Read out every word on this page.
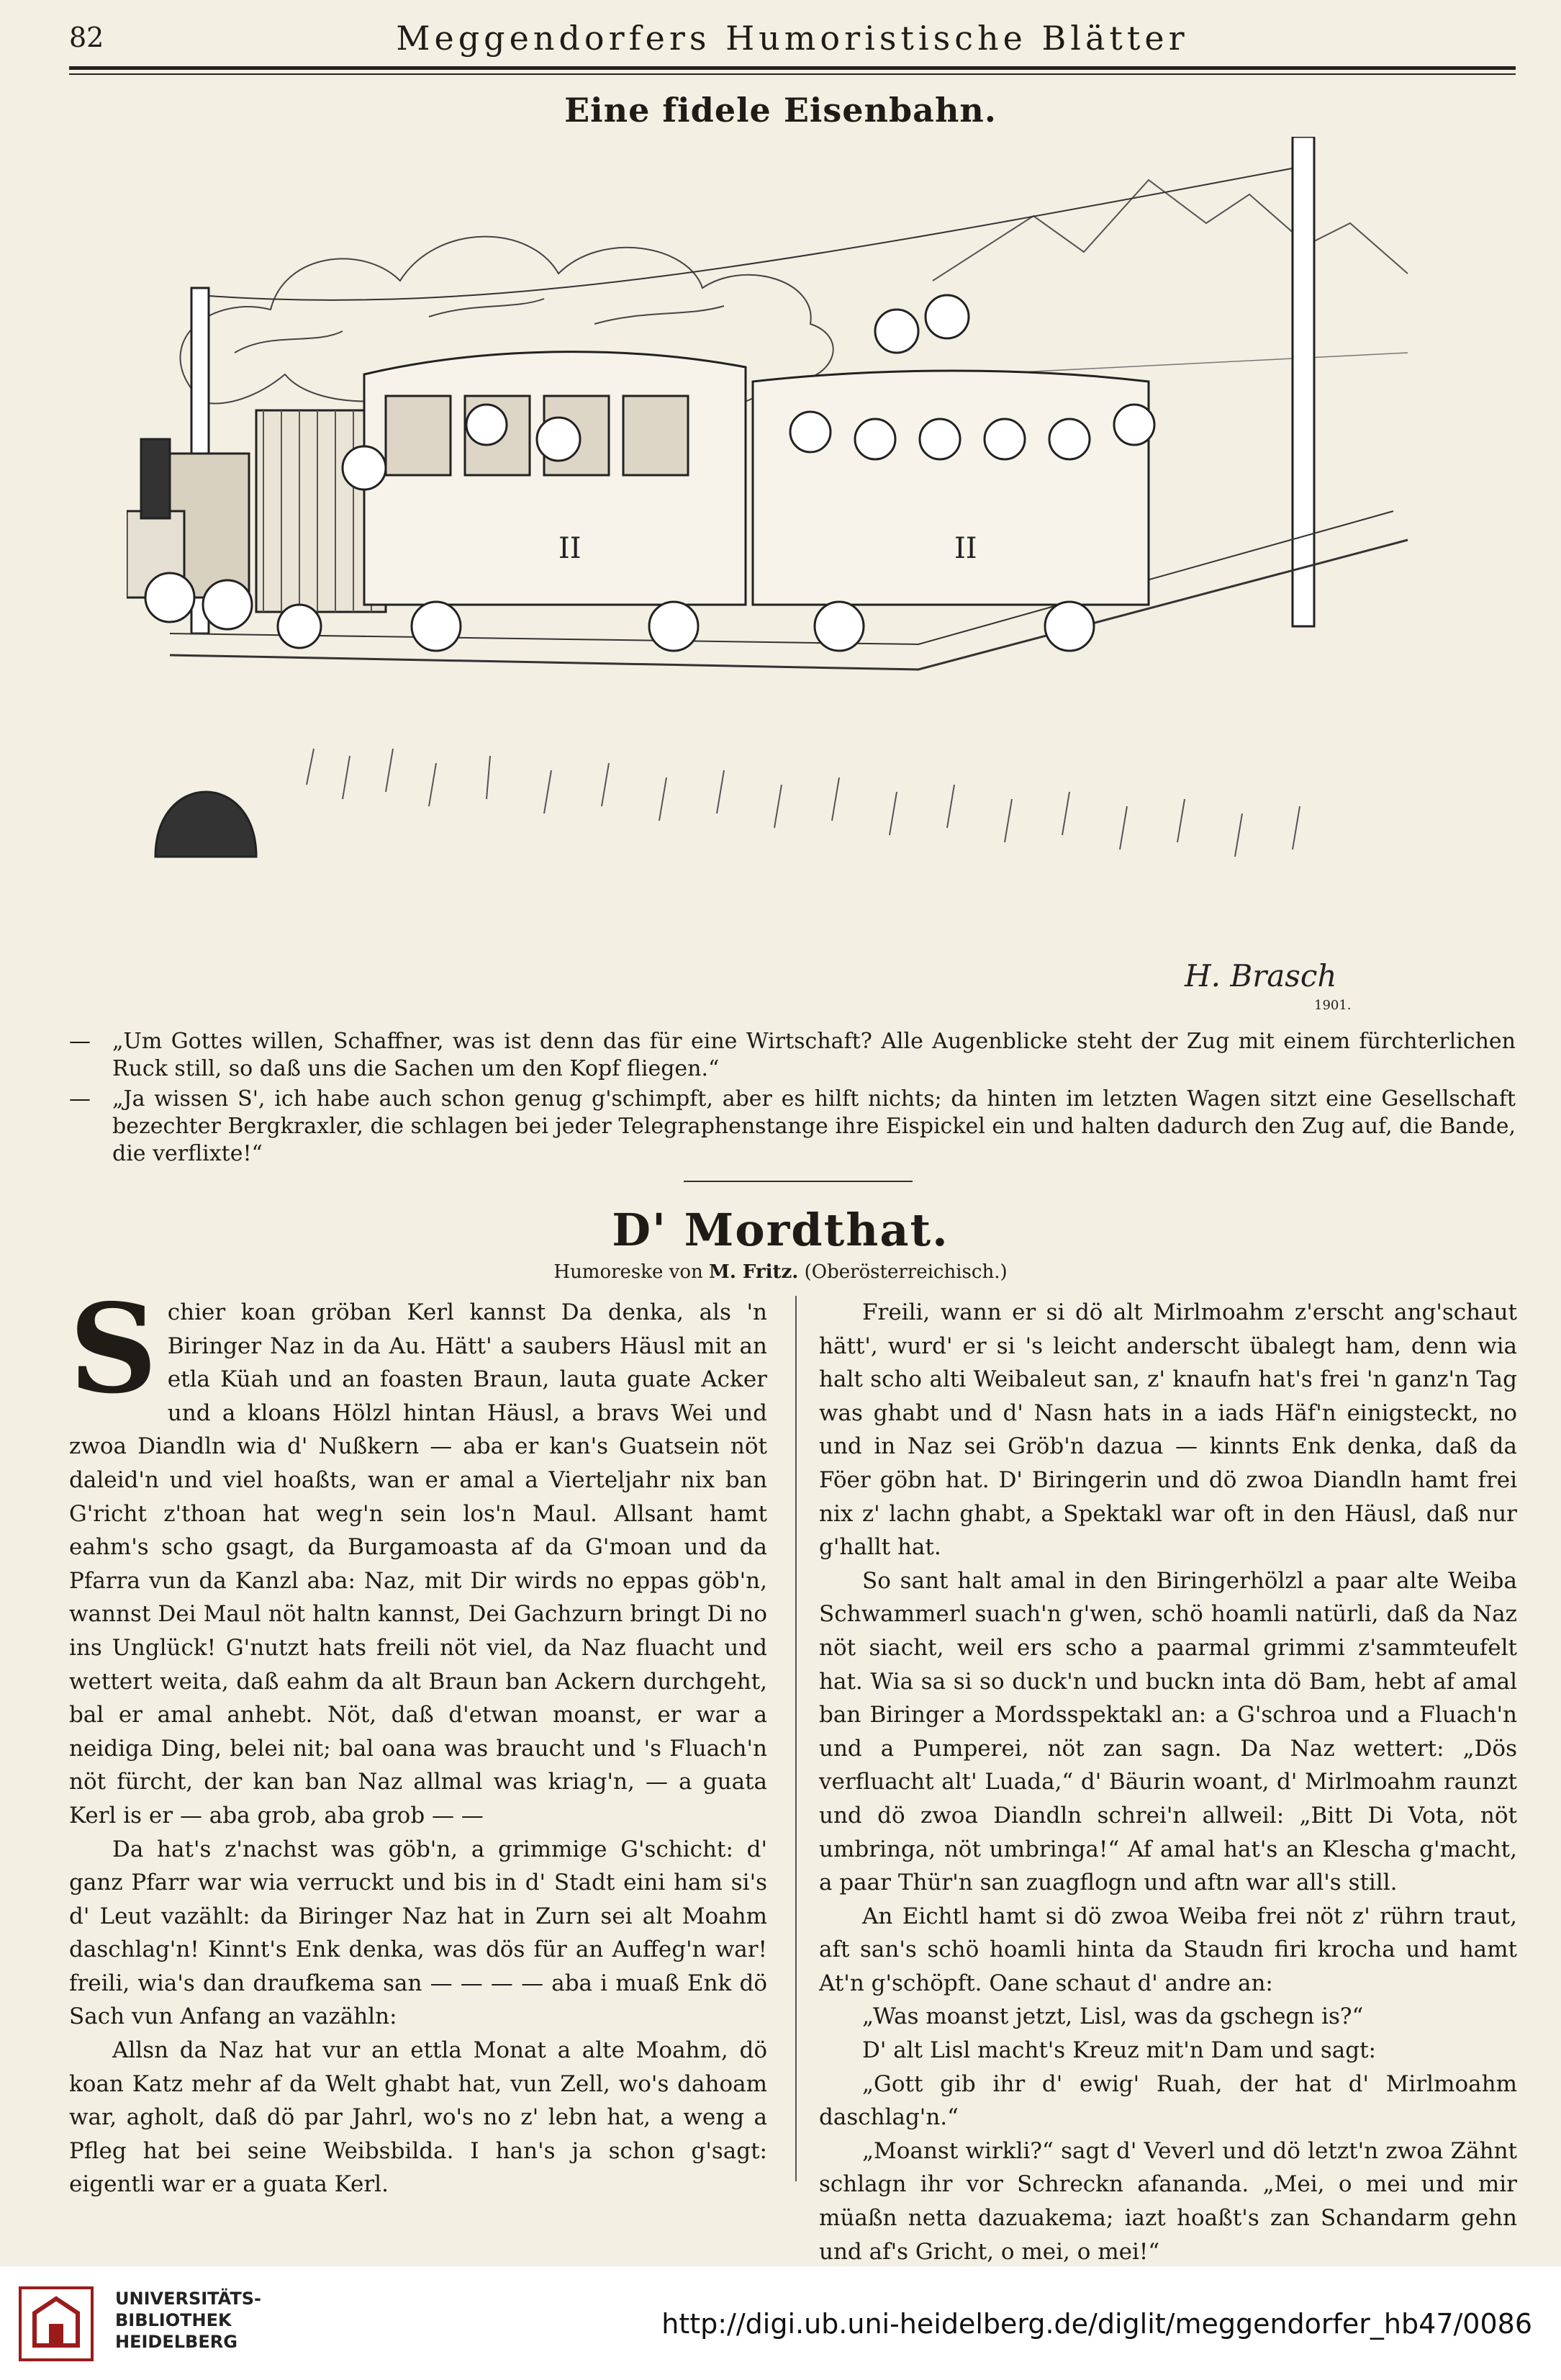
82	Meggendorfers Humoristische Blätter
Eine fidele Eisenbahn.
II	II
H. Brasch
1901.
—	„Um Gottes willen, Schaffner, was ist denn das für eine Wirtschaft? Alle Augenblicke steht der Zug mit einem fürchterlichen Ruck still, so daß uns die Sachen um den Kopf fliegen.“
—	„Ja wissen S', ich habe auch schon genug g'schimpft, aber es hilft nichts; da hinten im letzten Wagen sitzt eine Gesellschaft bezechter Bergkraxler, die schlagen bei jeder Telegraphenstange ihre Eispickel ein und halten dadurch den Zug auf, die Bande, die verflixte!“
D' Mordthat.
Humoreske von M. Fritz. (Oberösterreichisch.)

Schier koan gröban Kerl kannst Da denka, als 'n Biringer Naz in da Au. Hätt' a saubers Häusl mit an etla Küah und an foasten Braun, lauta guate Acker und a kloans Hölzl hintan Häusl, a bravs Wei und zwoa Diandln wia d' Nußkern — aba er kan's Guatsein nöt daleid'n und viel hoaßts, wan er amal a Vierteljahr nix ban G'richt z'thoan hat weg'n sein los'n Maul. Allsant hamt eahm's scho gsagt, da Burgamoasta af da G'moan und da Pfarra vun da Kanzl aba: Naz, mit Dir wirds no eppas göb'n, wannst Dei Maul nöt haltn kannst, Dei Gachzurn bringt Di no ins Unglück! G'nutzt hats freili nöt viel, da Naz fluacht und wettert weita, daß eahm da alt Braun ban Ackern durchgeht, bal er amal anhebt. Nöt, daß d'etwan moanst, er war a neidiga Ding, belei nit; bal oana was braucht und 's Fluach'n nöt fürcht, der kan ban Naz allmal was kriag'n, — a guata Kerl is er — aba grob, aba grob — —

Da hat's z'nachst was göb'n, a grimmige G'schicht: d' ganz Pfarr war wia verruckt und bis in d' Stadt eini ham si's d' Leut vazählt: da Biringer Naz hat in Zurn sei alt Moahm daschlag'n! Kinnt's Enk denka, was dös für an Auffeg'n war! freili, wia's dan draufkema san — — — — aba i muaß Enk dö Sach vun Anfang an vazähln:

Allsn da Naz hat vur an ettla Monat a alte Moahm, dö koan Katz mehr af da Welt ghabt hat, vun Zell, wo's dahoam war, agholt, daß dö par Jahrl, wo's no z' lebn hat, a weng a Pfleg hat bei seine Weibsbilda. I han's ja schon g'sagt: eigentli war er a guata Kerl.

Freili, wann er si dö alt Mirlmoahm z'erscht ang'schaut hätt', wurd' er si 's leicht anderscht übalegt ham, denn wia halt scho alti Weibaleut san, z' knaufn hat's frei 'n ganz'n Tag was ghabt und d' Nasn hats in a iads Häf'n einigsteckt, no und in Naz sei Gröb'n dazua — kinnts Enk denka, daß da Föer göbn hat. D' Biringerin und dö zwoa Diandln hamt frei nix z' lachn ghabt, a Spektakl war oft in den Häusl, daß nur g'hallt hat.

So sant halt amal in den Biringerhölzl a paar alte Weiba Schwammerl suach'n g'wen, schö hoamli natürli, daß da Naz nöt siacht, weil ers scho a paarmal grimmi z'sammteufelt hat. Wia sa si so duck'n und buckn inta dö Bam, hebt af amal ban Biringer a Mordsspektakl an: a G'schroa und a Fluach'n und a Pumperei, nöt zan sagn. Da Naz wettert: „Dös verfluacht alt' Luada,“ d' Bäurin woant, d' Mirlmoahm raunzt und dö zwoa Diandln schrei'n allweil: „Bitt Di Vota, nöt umbringa, nöt umbringa!“ Af amal hat's an Klescha g'macht, a paar Thür'n san zuagflogn und aftn war all's still.

An Eichtl hamt si dö zwoa Weiba frei nöt z' rührn traut, aft san's schö hoamli hinta da Staudn firi krocha und hamt At'n g'schöpft. Oane schaut d' andre an:

„Was moanst jetzt, Lisl, was da gschegn is?“

D' alt Lisl macht's Kreuz mit'n Dam und sagt:

„Gott gib ihr d' ewig' Ruah, der hat d' Mirlmoahm daschlag'n.“

„Moanst wirkli?“ sagt d' Veverl und dö letzt'n zwoa Zähnt schlagn ihr vor Schreckn afananda. „Mei, o mei und mir müaßn netta dazuakema; iazt hoaßt's zan Schandarm gehn und af's Gricht, o mei, o mei!“

UNIVERSITÄTS-
BIBLIOTHEK
HEIDELBERG
http://digi.ub.uni-heidelberg.de/diglit/meggendorfer_hb47/0086
